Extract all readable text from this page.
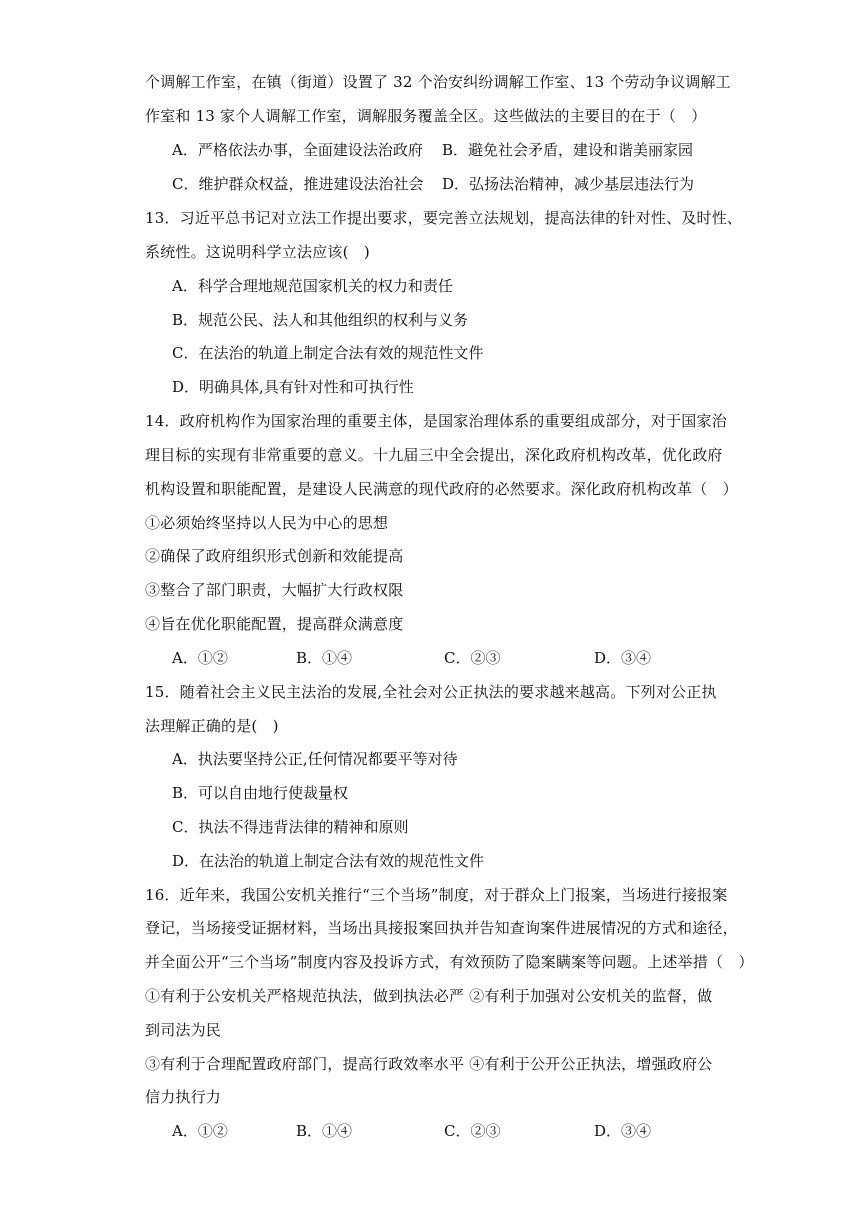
个调解工作室，在镇（街道）设置了 32 个治安纠纷调解工作室、13 个劳动争议调解工
作室和 13 家个人调解工作室，调解服务覆盖全区。这些做法的主要目的在于（　）
A．严格依法办事，全面建设法治政府 B．避免社会矛盾，建设和谐美丽家园
C．维护群众权益，推进建设法治社会 D．弘扬法治精神，减少基层违法行为
13．习近平总书记对立法工作提出要求，要完善立法规划，提高法律的针对性、及时性、
系统性。这说明科学立法应该(　)
A．科学合理地规范国家机关的权力和责任
B．规范公民、法人和其他组织的权利与义务
C．在法治的轨道上制定合法有效的规范性文件
D．明确具体,具有针对性和可执行性
14．政府机构作为国家治理的重要主体，是国家治理体系的重要组成部分，对于国家治
理目标的实现有非常重要的意义。十九届三中全会提出，深化政府机构改革，优化政府
机构设置和职能配置，是建设人民满意的现代政府的必然要求。深化政府机构改革（　）
①必须始终坚持以人民为中心的思想
②确保了政府组织形式创新和效能提高
③整合了部门职责，大幅扩大行政权限
④旨在优化职能配置，提高群众满意度
A．①②	B．①④	C．②③	D．③④
15．随着社会主义民主法治的发展,全社会对公正执法的要求越来越高。下列对公正执
法理解正确的是(　)
A．执法要坚持公正,任何情况都要平等对待
B．可以自由地行使裁量权
C．执法不得违背法律的精神和原则
D．在法治的轨道上制定合法有效的规范性文件
16．近年来，我国公安机关推行“三个当场”制度，对于群众上门报案，当场进行接报案
登记，当场接受证据材料，当场出具接报案回执并告知查询案件进展情况的方式和途径，
并全面公开“三个当场”制度内容及投诉方式，有效预防了隐案瞒案等问题。上述举措（　）
①有利于公安机关严格规范执法，做到执法必严 ②有利于加强对公安机关的监督，做
到司法为民
③有利于合理配置政府部门，提高行政效率水平 ④有利于公开公正执法，增强政府公
信力执行力
A．①②	B．①④	C．②③	D．③④
